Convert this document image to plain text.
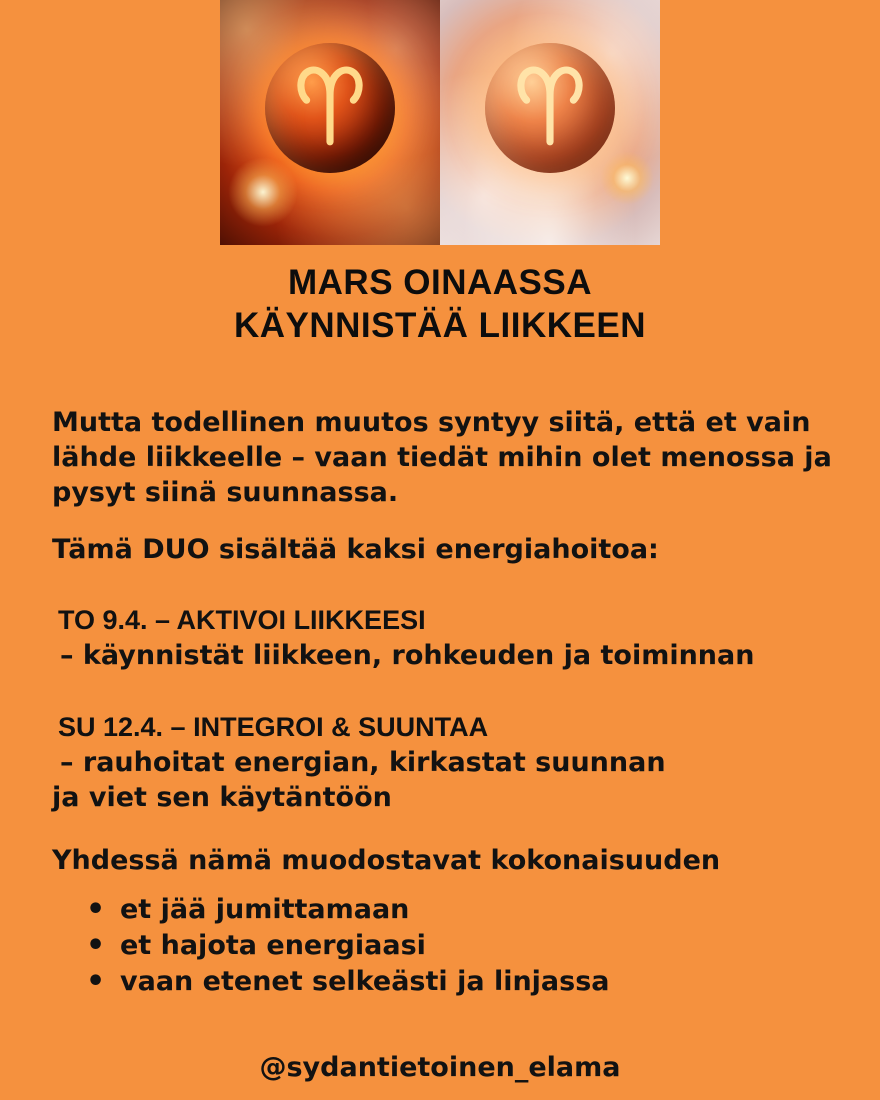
MARS OINAASSA
KÄYNNISTÄÄ LIIKKEEN

Mutta todellinen muutos syntyy siitä, että et vain lähde liikkeelle – vaan tiedät mihin olet menossa ja pysyt siinä suunnassa.

Tämä DUO sisältää kaksi energiahoitoa:

TO 9.4. – AKTIVOI LIIKKEESI

– käynnistät liikkeen, rohkeuden ja toiminnan

SU 12.4. – INTEGROI & SUUNTAA

– rauhoitat energian, kirkastat suunnan

ja viet sen käytäntöön

Yhdessä nämä muodostavat kokonaisuuden

• et jää jumittamaan
• et hajota energiaasi
• vaan etenet selkeästi ja linjassa
@sydantietoinen_elama
